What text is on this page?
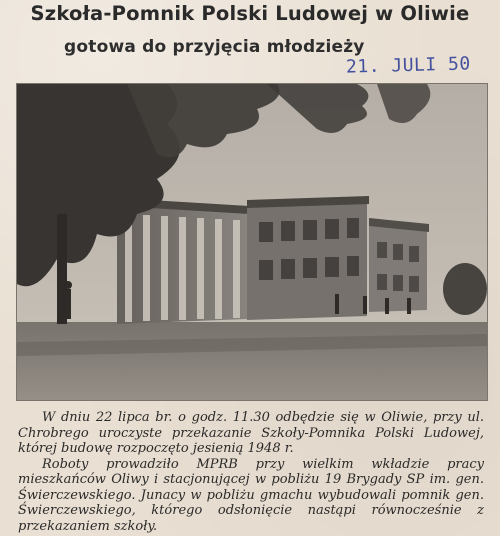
Szkoła-Pomnik Polski Ludowej w Oliwie
gotowa do przyjęcia młodzieży
21. JULI 50

W dniu 22 lipca br. o godz. 11.30 odbędzie się w Oliwie, przy ul. Chrobrego uroczyste przekazanie Szkoły-Pomnika Polski Ludowej, której budowę rozpoczęto jesienią 1948 r.

Roboty prowadziło MPRB przy wielkim wkładzie pracy mieszkańców Oliwy i stacjonującej w pobliżu 19 Brygady SP im. gen. Świerczewskiego. Junacy w pobliżu gmachu wybudowali pomnik gen. Świerczewskiego, którego odsłonięcie nastąpi równocześnie z przekazaniem szkoły.
